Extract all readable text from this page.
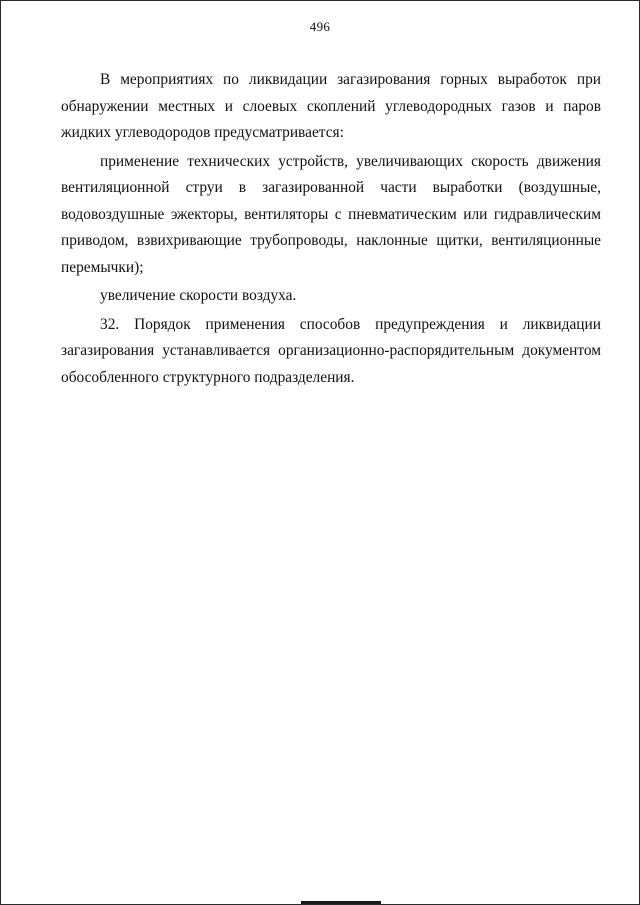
496

В мероприятиях по ликвидации загазирования горных выработок при обнаружении местных и слоевых скоплений углеводородных газов и паров жидких углеводородов предусматривается:

применение технических устройств, увеличивающих скорость движения вентиляционной струи в загазированной части выработки (воздушные, водовоздушные эжекторы, вентиляторы с пневматическим или гидравлическим приводом, взвихривающие трубопроводы, наклонные щитки, вентиляционные перемычки);

увеличение скорости воздуха.

32. Порядок применения способов предупреждения и ликвидации загазирования устанавливается организационно-распорядительным документом обособленного структурного подразделения.
